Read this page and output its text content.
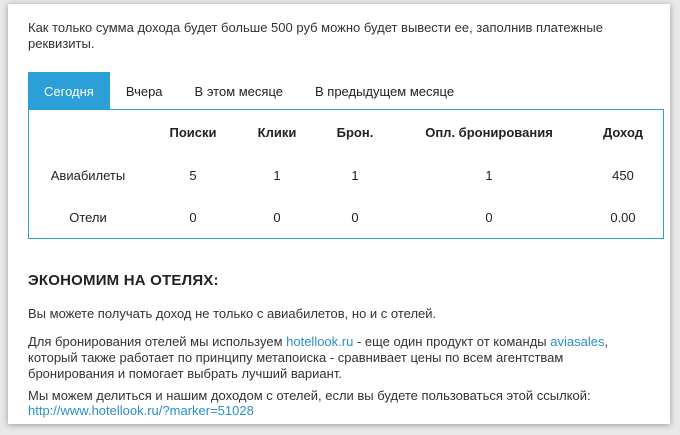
Как только сумма дохода будет больше 500 руб можно будет вывести ее, заполнив платежные реквизиты.

Сегодня	Вчера	В этом месяце	В предыдущем месяце
	Поиски	Клики	Брон.	Опл. бронирования	Доход
Авиабилеты	5	1	1	1	450
Отели	0	0	0	0	0.00
ЭКОНОМИМ НА ОТЕЛЯХ:

Вы можете получать доход не только с авиабилетов, но и с отелей.

Для бронирования отелей мы используем hotellook.ru - еще один продукт от команды aviasales, который также работает по принципу метапоиска - сравнивает цены по всем агентствам бронирования и помогает выбрать лучший вариант.

Мы можем делиться и нашим доходом с отелей, если вы будете пользоваться этой ссылкой:
http://www.hotellook.ru/?marker=51028
